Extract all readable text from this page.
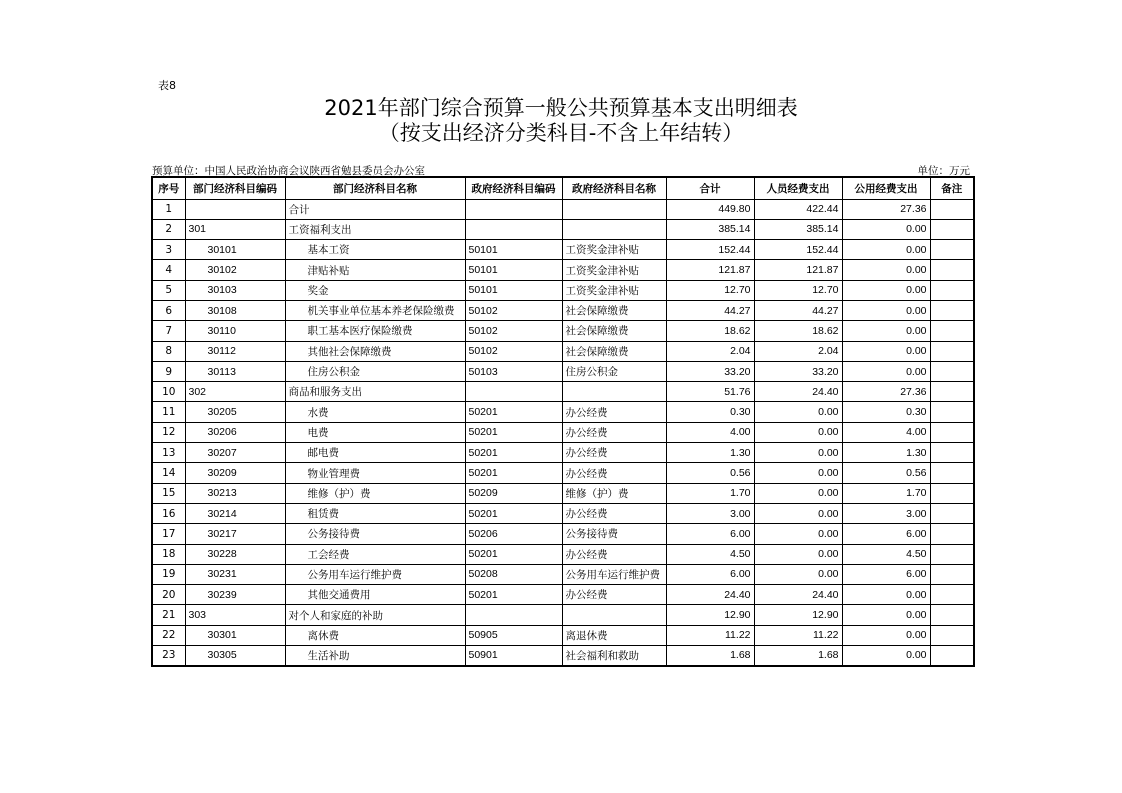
表8
2021年部门综合预算一般公共预算基本支出明细表
（按支出经济分类科目-不含上年结转）
预算单位：中国人民政治协商会议陕西省勉县委员会办公室	单位：万元
序号	部门经济科目编码	部门经济科目名称	政府经济科目编码	政府经济科目名称	合计	人员经费支出	公用经费支出	备注
1		合计			449.80	422.44	27.36	
2	301	工资福利支出			385.14	385.14	0.00	
3	30101	基本工资	50101	工资奖金津补贴	152.44	152.44	0.00	
4	30102	津贴补贴	50101	工资奖金津补贴	121.87	121.87	0.00	
5	30103	奖金	50101	工资奖金津补贴	12.70	12.70	0.00	
6	30108	机关事业单位基本养老保险缴费	50102	社会保障缴费	44.27	44.27	0.00	
7	30110	职工基本医疗保险缴费	50102	社会保障缴费	18.62	18.62	0.00	
8	30112	其他社会保障缴费	50102	社会保障缴费	2.04	2.04	0.00	
9	30113	住房公积金	50103	住房公积金	33.20	33.20	0.00	
10	302	商品和服务支出			51.76	24.40	27.36	
11	30205	水费	50201	办公经费	0.30	0.00	0.30	
12	30206	电费	50201	办公经费	4.00	0.00	4.00	
13	30207	邮电费	50201	办公经费	1.30	0.00	1.30	
14	30209	物业管理费	50201	办公经费	0.56	0.00	0.56	
15	30213	维修（护）费	50209	维修（护）费	1.70	0.00	1.70	
16	30214	租赁费	50201	办公经费	3.00	0.00	3.00	
17	30217	公务接待费	50206	公务接待费	6.00	0.00	6.00	
18	30228	工会经费	50201	办公经费	4.50	0.00	4.50	
19	30231	公务用车运行维护费	50208	公务用车运行维护费	6.00	0.00	6.00	
20	30239	其他交通费用	50201	办公经费	24.40	24.40	0.00	
21	303	对个人和家庭的补助			12.90	12.90	0.00	
22	30301	离休费	50905	离退休费	11.22	11.22	0.00	
23	30305	生活补助	50901	社会福利和救助	1.68	1.68	0.00	
